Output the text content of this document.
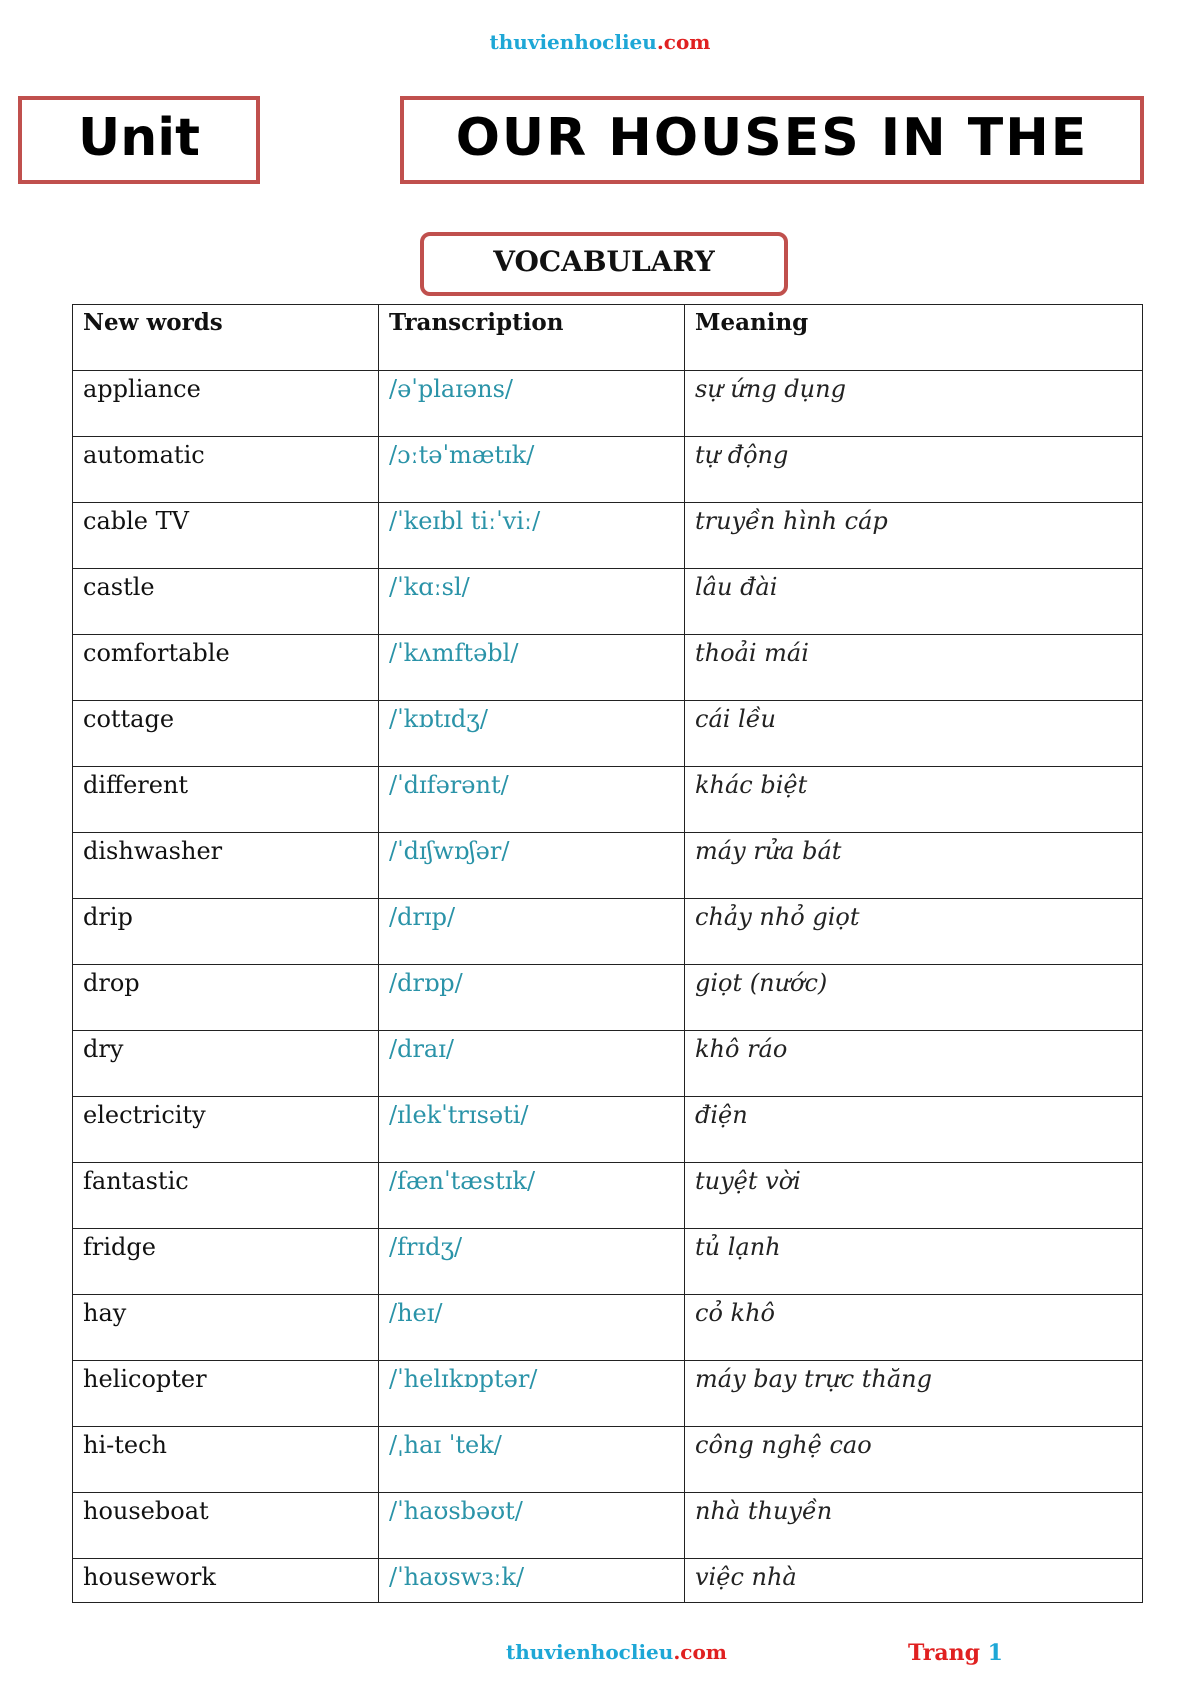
thuvienhoclieu.com
Unit	OUR HOUSES IN THE
VOCABULARY
New words	Transcription	Meaning
appliance	/əˈplaɪəns/	sự ứng dụng
automatic	/ɔːtəˈmætɪk/	tự động
cable TV	/ˈkeɪbl tiːˈviː/	truyền hình cáp
castle	/ˈkɑːsl/	lâu đài
comfortable	/ˈkʌmftəbl/	thoải mái
cottage	/ˈkɒtɪdʒ/	cái lều
different	/ˈdɪfərənt/	khác biệt
dishwasher	/ˈdɪʃwɒʃər/	máy rửa bát
drip	/drɪp/	chảy nhỏ giọt
drop	/drɒp/	giọt (nước)
dry	/draɪ/	khô ráo
electricity	/ɪlekˈtrɪsəti/	điện
fantastic	/fænˈtæstɪk/	tuyệt vời
fridge	/frɪdʒ/	tủ lạnh
hay	/heɪ/	cỏ khô
helicopter	/ˈhelɪkɒptər/	máy bay trực thăng
hi-tech	/ˌhaɪ ˈtek/	công nghệ cao
houseboat	/ˈhaʊsbəʊt/	nhà thuyền
housework	/ˈhaʊswɜːk/	việc nhà
thuvienhoclieu.com	Trang 1
